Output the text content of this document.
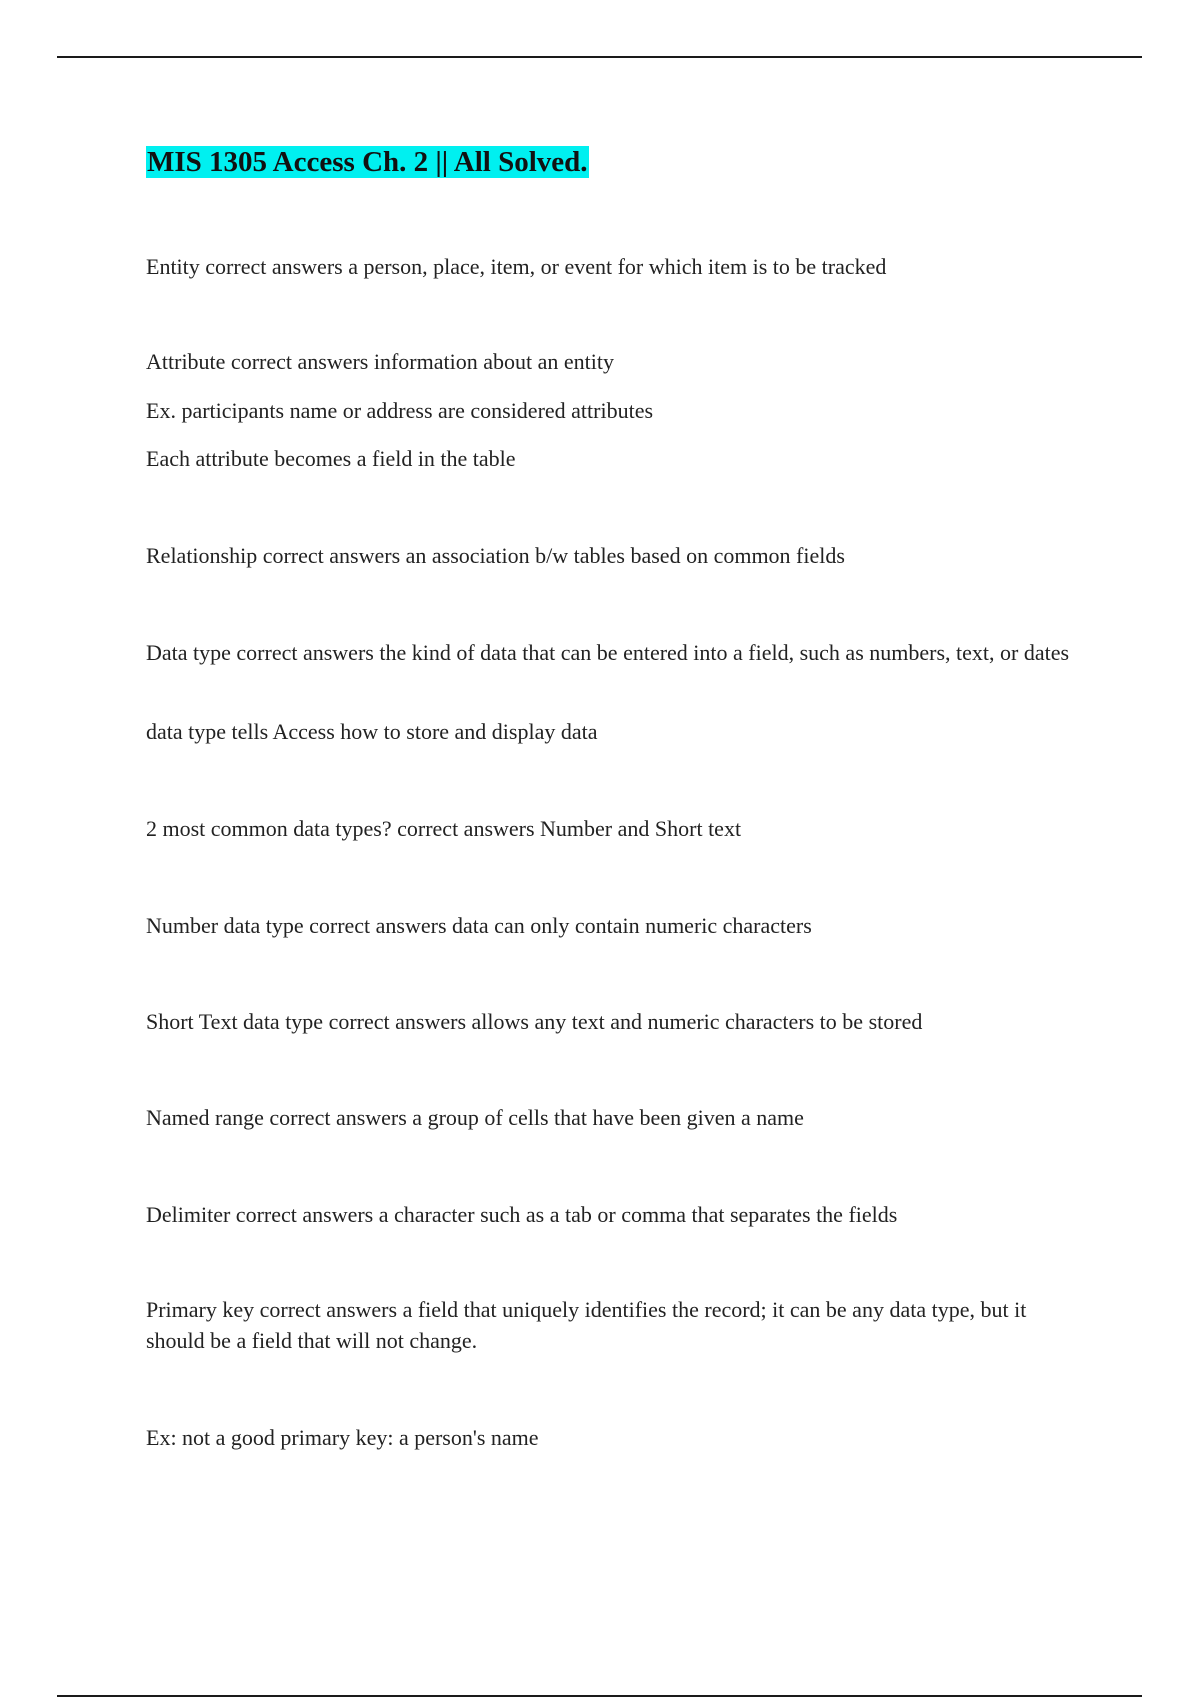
MIS 1305 Access Ch. 2 || All Solved.

Entity correct answers a person, place, item, or event for which item is to be tracked

Attribute correct answers information about an entity

Ex. participants name or address are considered attributes

Each attribute becomes a field in the table

Relationship correct answers an association b/w tables based on common fields

Data type correct answers the kind of data that can be entered into a field, such as numbers, text, or dates

data type tells Access how to store and display data

2 most common data types? correct answers Number and Short text

Number data type correct answers data can only contain numeric characters

Short Text data type correct answers allows any text and numeric characters to be stored

Named range correct answers a group of cells that have been given a name

Delimiter correct answers a character such as a tab or comma that separates the fields

Primary key correct answers a field that uniquely identifies the record; it can be any data type, but it should be a field that will not change.

Ex: not a good primary key: a person's name
